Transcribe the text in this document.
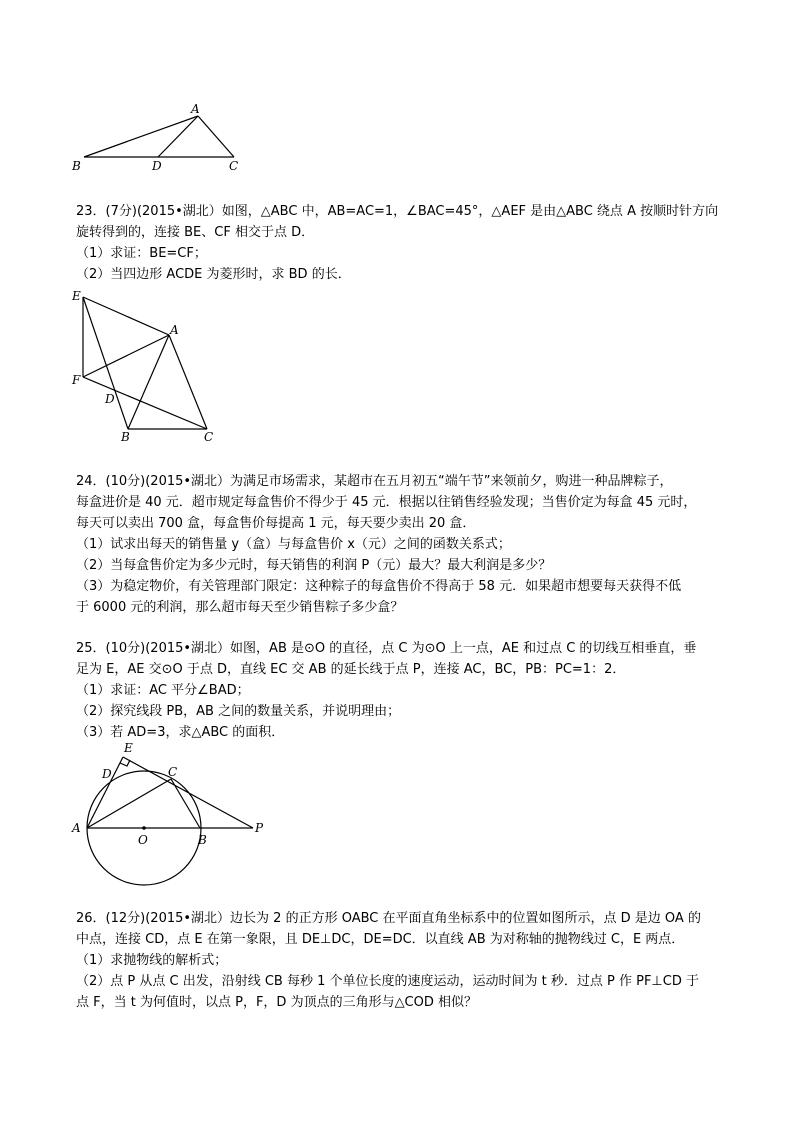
A
B	D	C
E
A
F
D
B	C
E
D	C
A
O	B
P
23．(7分)(2015•湖北）如图，△ABC 中，AB=AC=1，∠BAC=45°，△AEF 是由△ABC 绕点 A 按顺时针方向
旋转得到的，连接 BE、CF 相交于点 D．
（1）求证：BE=CF；
（2）当四边形 ACDE 为菱形时，求 BD 的长．
24．(10分)(2015•湖北）为满足市场需求，某超市在五月初五“端午节”来领前夕，购进一种品牌粽子，
每盒进价是 40 元．超市规定每盒售价不得少于 45 元．根据以往销售经验发现；当售价定为每盒 45 元时，
每天可以卖出 700 盒，每盒售价每提高 1 元，每天要少卖出 20 盒．
（1）试求出每天的销售量 y（盒）与每盒售价 x（元）之间的函数关系式；
（2）当每盒售价定为多少元时，每天销售的利润 P（元）最大？最大利润是多少？
（3）为稳定物价，有关管理部门限定：这种粽子的每盒售价不得高于 58 元．如果超市想要每天获得不低
于 6000 元的利润，那么超市每天至少销售粽子多少盒？
25．(10分)(2015•湖北）如图，AB 是⊙O 的直径，点 C 为⊙O 上一点，AE 和过点 C 的切线互相垂直，垂
足为 E，AE 交⊙O 于点 D，直线 EC 交 AB 的延长线于点 P，连接 AC，BC，PB：PC=1：2．
（1）求证：AC 平分∠BAD；
（2）探究线段 PB，AB 之间的数量关系，并说明理由；
（3）若 AD=3，求△ABC 的面积．
26．(12分)(2015•湖北）边长为 2 的正方形 OABC 在平面直角坐标系中的位置如图所示，点 D 是边 OA 的
中点，连接 CD，点 E 在第一象限，且 DE⊥DC，DE=DC．以直线 AB 为对称轴的抛物线过 C，E 两点．
（1）求抛物线的解析式；
（2）点 P 从点 C 出发，沿射线 CB 每秒 1 个单位长度的速度运动，运动时间为 t 秒．过点 P 作 PF⊥CD 于
点 F，当 t 为何值时，以点 P，F，D 为顶点的三角形与△COD 相似？
